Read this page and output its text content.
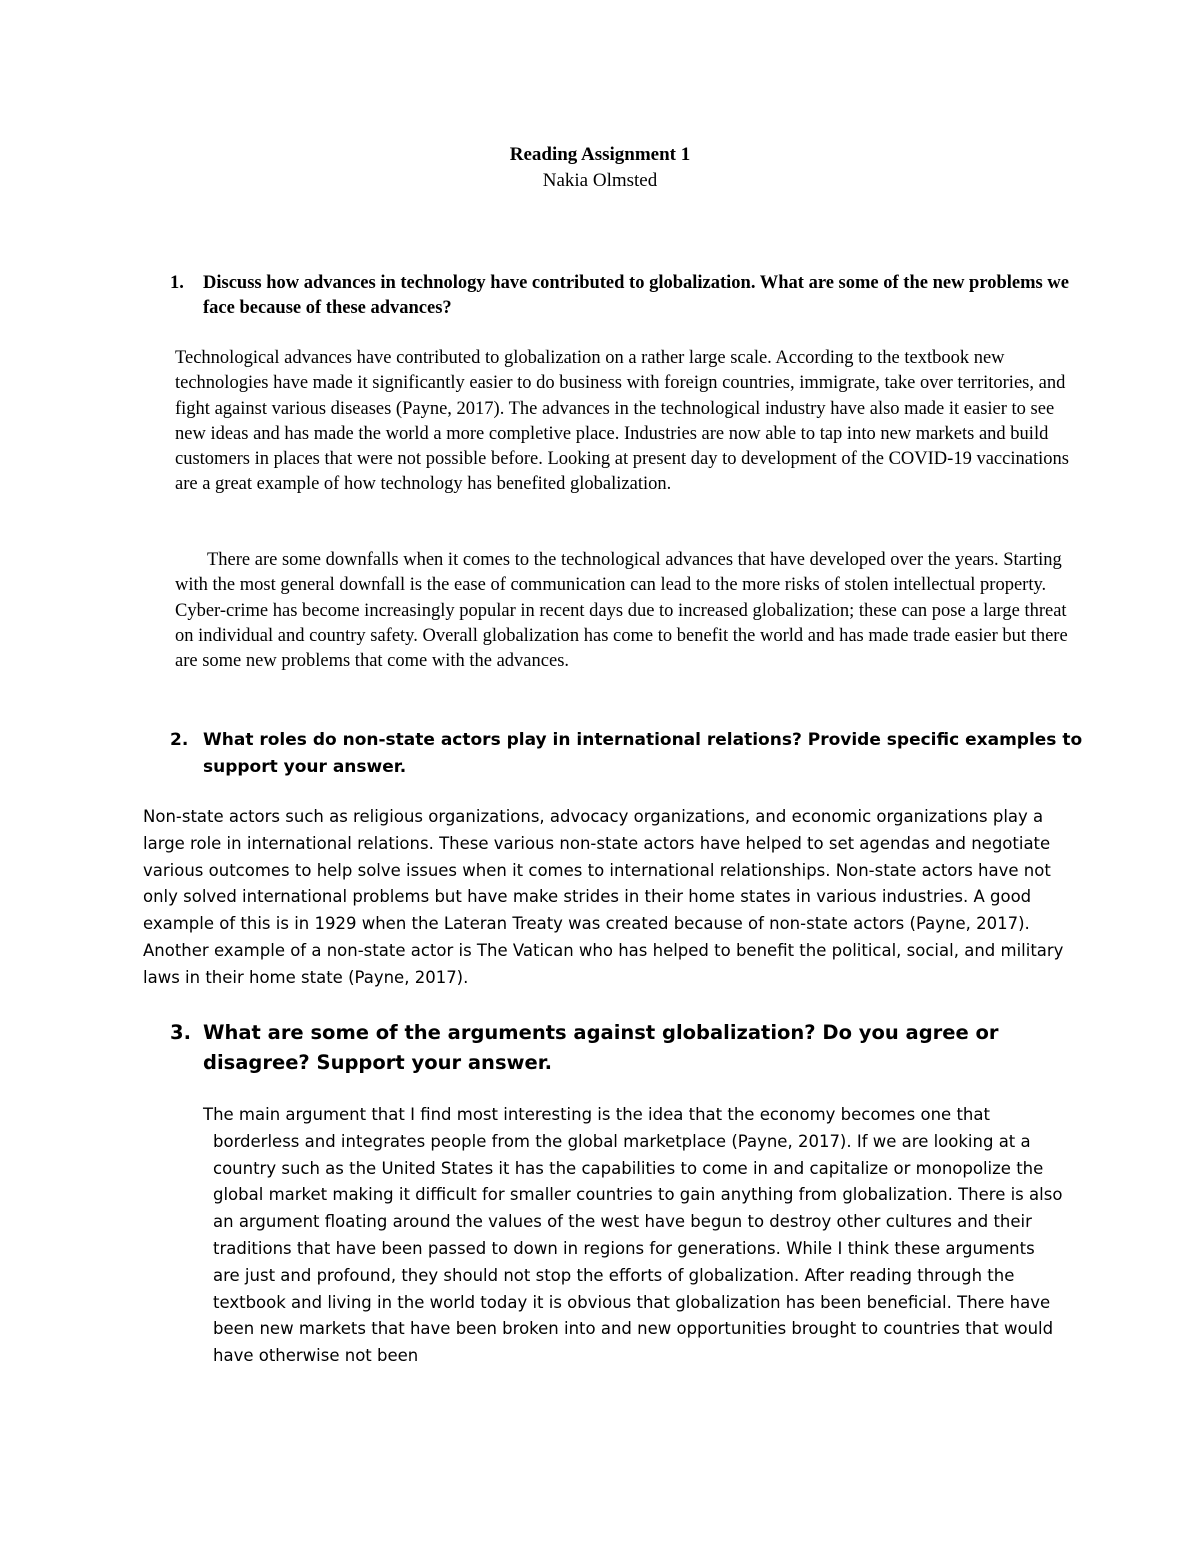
Reading Assignment 1
Nakia Olmsted
1. Discuss how advances in technology have contributed to globalization. What are some of the new problems we face because of these advances?

Technological advances have contributed to globalization on a rather large scale. According to the textbook new technologies have made it significantly easier to do business with foreign countries, immigrate, take over territories, and fight against various diseases (Payne, 2017). The advances in the technological industry have also made it easier to see new ideas and has made the world a more completive place. Industries are now able to tap into new markets and build customers in places that were not possible before. Looking at present day to development of the COVID-19 vaccinations are a great example of how technology has benefited globalization.

There are some downfalls when it comes to the technological advances that have developed over the years. Starting with the most general downfall is the ease of communication can lead to the more risks of stolen intellectual property. Cyber-crime has become increasingly popular in recent days due to increased globalization; these can pose a large threat on individual and country safety. Overall globalization has come to benefit the world and has made trade easier but there are some new problems that come with the advances.

2. What roles do non-state actors play in international relations? Provide specific examples to support your answer.

Non-state actors such as religious organizations, advocacy organizations, and economic organizations play a large role in international relations. These various non-state actors have helped to set agendas and negotiate various outcomes to help solve issues when it comes to international relationships. Non-state actors have not only solved international problems but have make strides in their home states in various industries. A good example of this is in 1929 when the Lateran Treaty was created because of non-state actors (Payne, 2017). Another example of a non-state actor is The Vatican who has helped to benefit the political, social, and military laws in their home state (Payne, 2017).

3. What are some of the arguments against globalization? Do you agree or disagree? Support your answer.

The main argument that I find most interesting is the idea that the economy becomes one that borderless and integrates people from the global marketplace (Payne, 2017). If we are looking at a country such as the United States it has the capabilities to come in and capitalize or monopolize the global market making it difficult for smaller countries to gain anything from globalization. There is also an argument floating around the values of the west have begun to destroy other cultures and their traditions that have been passed to down in regions for generations. While I think these arguments are just and profound, they should not stop the efforts of globalization. After reading through the textbook and living in the world today it is obvious that globalization has been beneficial. There have been new markets that have been broken into and new opportunities brought to countries that would have otherwise not been
